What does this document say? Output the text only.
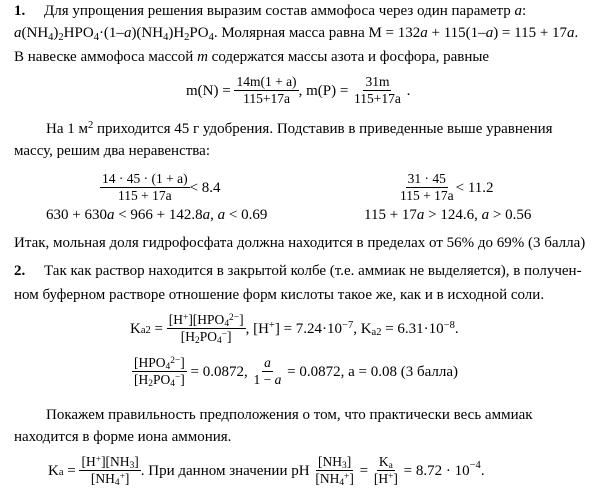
1. Для упрощения решения выразим состав аммофоса через один параметр a:
$a(NH_4)_2HPO_4\cdot(1-a)(NH_4)H_2PO_4$. Молярная масса равна M = 132a + 115(1–a) = 115 + 17a.
В навеске аммофоса массой m содержатся массы азота и фосфора, равные
m(N) =
$\frac{14m(1 + a)}{115+17a}$ , m(P) =
$\frac{31m}{115+17a}$ .
На 1 $м^2$ приходится 45 г удобрения. Подставив в приведенные выше уравнения
массу, решим два неравенства:
$\frac{14 \cdot 45 \cdot (1 + a)}{115 + 17a} < 8.4$	$\frac{31 \cdot 45}{115 + 17a} < 11.2$
630 + 630a < 966 + 142.8a, a < 0.69	115 + 17a > 124.6, a > 0.56
Итак, мольная доля гидрофосфата должна находится в пределах от 56% до 69% (3 балла)
2. Так как раствор находится в закрытой колбе (т.е. аммиак не выделяется), в получен-
ном буферном растворе отношение форм кислоты такое же, как и в исходной соли.
$K_{a2} = \frac{[H^+][HPO_4^{2-}]}{[H_2PO_4^-]}$ , $[H^+] = 7.24\cdot 10^{-7}$, $K_{a2} = 6.31\cdot 10^{-8}$.
$\frac{[HPO_4^{2-}]}{[H_2PO_4^-]}$
= 0.0872,
$\frac{a}{1 - a}$
= 0.0872, a = 0.08 (3 балла)
Покажем правильность предположения о том, что практически весь аммиак
находится в форме иона аммония.
$K_a = \frac{[H^+][NH_3]}{[NH_4^+]}$ . При данном значении pH
$\frac{[NH_3]}{[NH_4^+]} = \frac{K_a}{[H^+]} = 8.72 \cdot 10^{-4}$ .
